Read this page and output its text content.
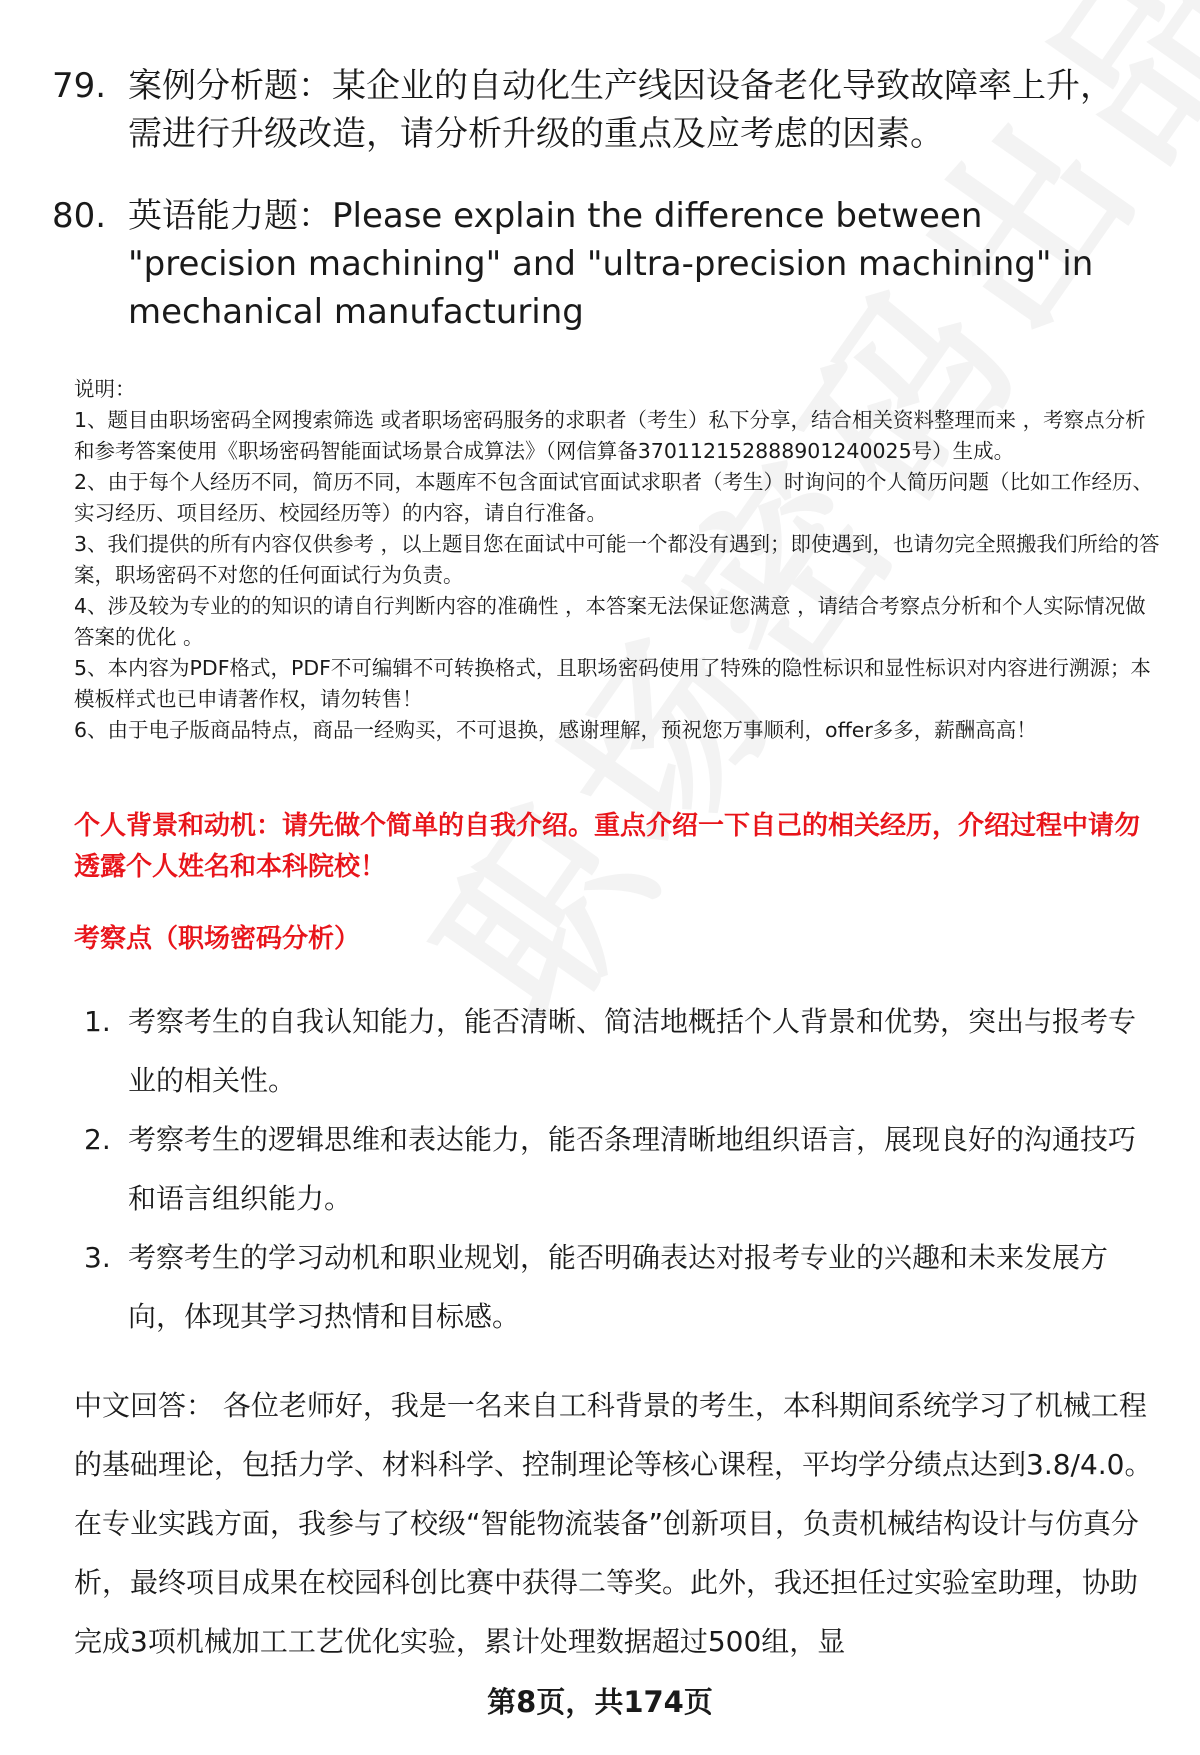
79. 案例分析题：某企业的自动化生产线因设备老化导致故障率上升，需进行升级改造，请分析升级的重点及应考虑的因素。
80. 英语能力题：Please explain the difference between "precision machining" and "ultra-precision machining" in mechanical manufacturing

说明：

1、题目由职场密码全网搜索筛选 或者职场密码服务的求职者（考生）私下分享，结合相关资料整理而来 ，考察点分析和参考答案使用《职场密码智能面试场景合成算法》（网信算备370112152888901240025号）生成。

2、由于每个人经历不同，简历不同，本题库不包含面试官面试求职者（考生）时询问的个人简历问题（比如工作经历、实习经历、项目经历、校园经历等）的内容，请自行准备。

3、我们提供的所有内容仅供参考 ，以上题目您在面试中可能一个都没有遇到；即使遇到，也请勿完全照搬我们所给的答案，职场密码不对您的任何面试行为负责。

4、涉及较为专业的的知识的请自行判断内容的准确性 ，本答案无法保证您满意 ，请结合考察点分析和个人实际情况做答案的优化 。

5、本内容为PDF格式，PDF不可编辑不可转换格式，且职场密码使用了特殊的隐性标识和显性标识对内容进行溯源；本模板样式也已申请著作权，请勿转售！

6、由于电子版商品特点，商品一经购买，不可退换，感谢理解，预祝您万事顺利，offer多多，薪酬高高！

个人背景和动机：请先做个简单的自我介绍。重点介绍一下自己的相关经历，介绍过程中请勿透露个人姓名和本科院校！
考察点（职场密码分析）
1. 考察考生的自我认知能力，能否清晰、简洁地概括个人背景和优势，突出与报考专业的相关性。
2. 考察考生的逻辑思维和表达能力，能否条理清晰地组织语言，展现良好的沟通技巧和语言组织能力。
3. 考察考生的学习动机和职业规划，能否明确表达对报考专业的兴趣和未来发展方向，体现其学习热情和目标感。

中文回答： 各位老师好，我是一名来自工科背景的考生，本科期间系统学习了机械工程的基础理论，包括力学、材料科学、控制理论等核心课程，平均学分绩点达到3.8/4.0。在专业实践方面，我参与了校级“智能物流装备”创新项目，负责机械结构设计与仿真分析，最终项目成果在校园科创比赛中获得二等奖。此外，我还担任过实验室助理，协助完成3项机械加工工艺优化实验，累计处理数据超过500组，显

第8页，共174页
